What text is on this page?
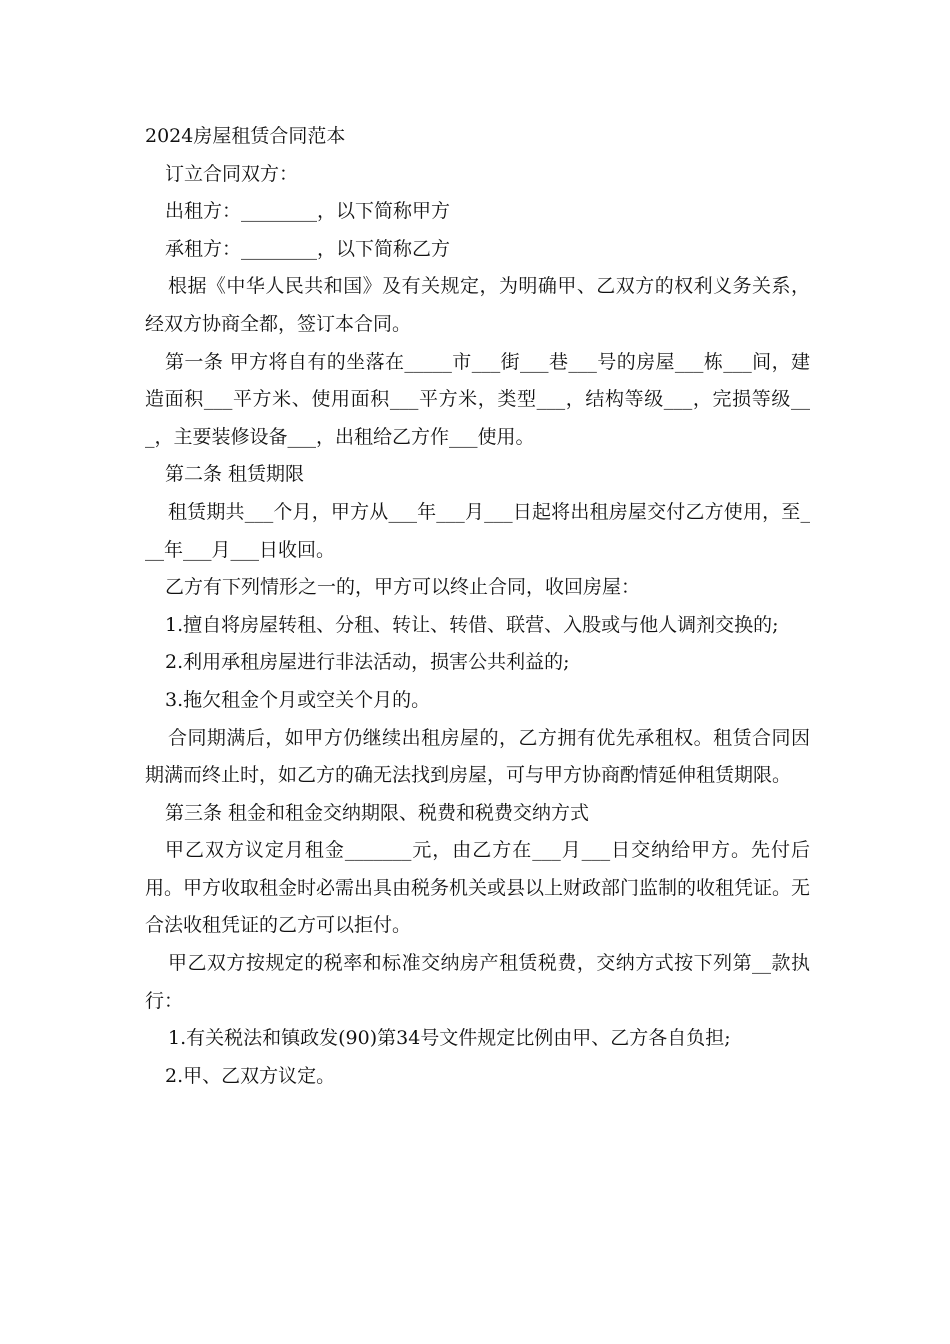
2024房屋租赁合同范本

订立合同双方：

出租方：________，以下简称甲方

承租方：________，以下简称乙方

根据《中华人民共和国》及有关规定，为明确甲、乙双方的权利义务关系，经双方协商全都，签订本合同。

第一条 甲方将自有的坐落在_____市___街___巷___号的房屋___栋___间，建造面积___平方米、使用面积___平方米，类型___，结构等级___，完损等级___，主要装修设备___，出租给乙方作___使用。

第二条 租赁期限

租赁期共___个月，甲方从___年___月___日起将出租房屋交付乙方使用，至___年___月___日收回。

乙方有下列情形之一的，甲方可以终止合同，收回房屋：

1.擅自将房屋转租、分租、转让、转借、联营、入股或与他人调剂交换的;

2.利用承租房屋进行非法活动，损害公共利益的;

3.拖欠租金个月或空关个月的。

合同期满后，如甲方仍继续出租房屋的，乙方拥有优先承租权。租赁合同因期满而终止时，如乙方的确无法找到房屋，可与甲方协商酌情延伸租赁期限。

第三条 租金和租金交纳期限、税费和税费交纳方式

甲乙双方议定月租金_______元，由乙方在___月___日交纳给甲方。先付后用。甲方收取租金时必需出具由税务机关或县以上财政部门监制的收租凭证。无合法收租凭证的乙方可以拒付。

甲乙双方按规定的税率和标准交纳房产租赁税费，交纳方式按下列第__款执行：

1.有关税法和镇政发(90)第34号文件规定比例由甲、乙方各自负担;

2.甲、乙双方议定。
